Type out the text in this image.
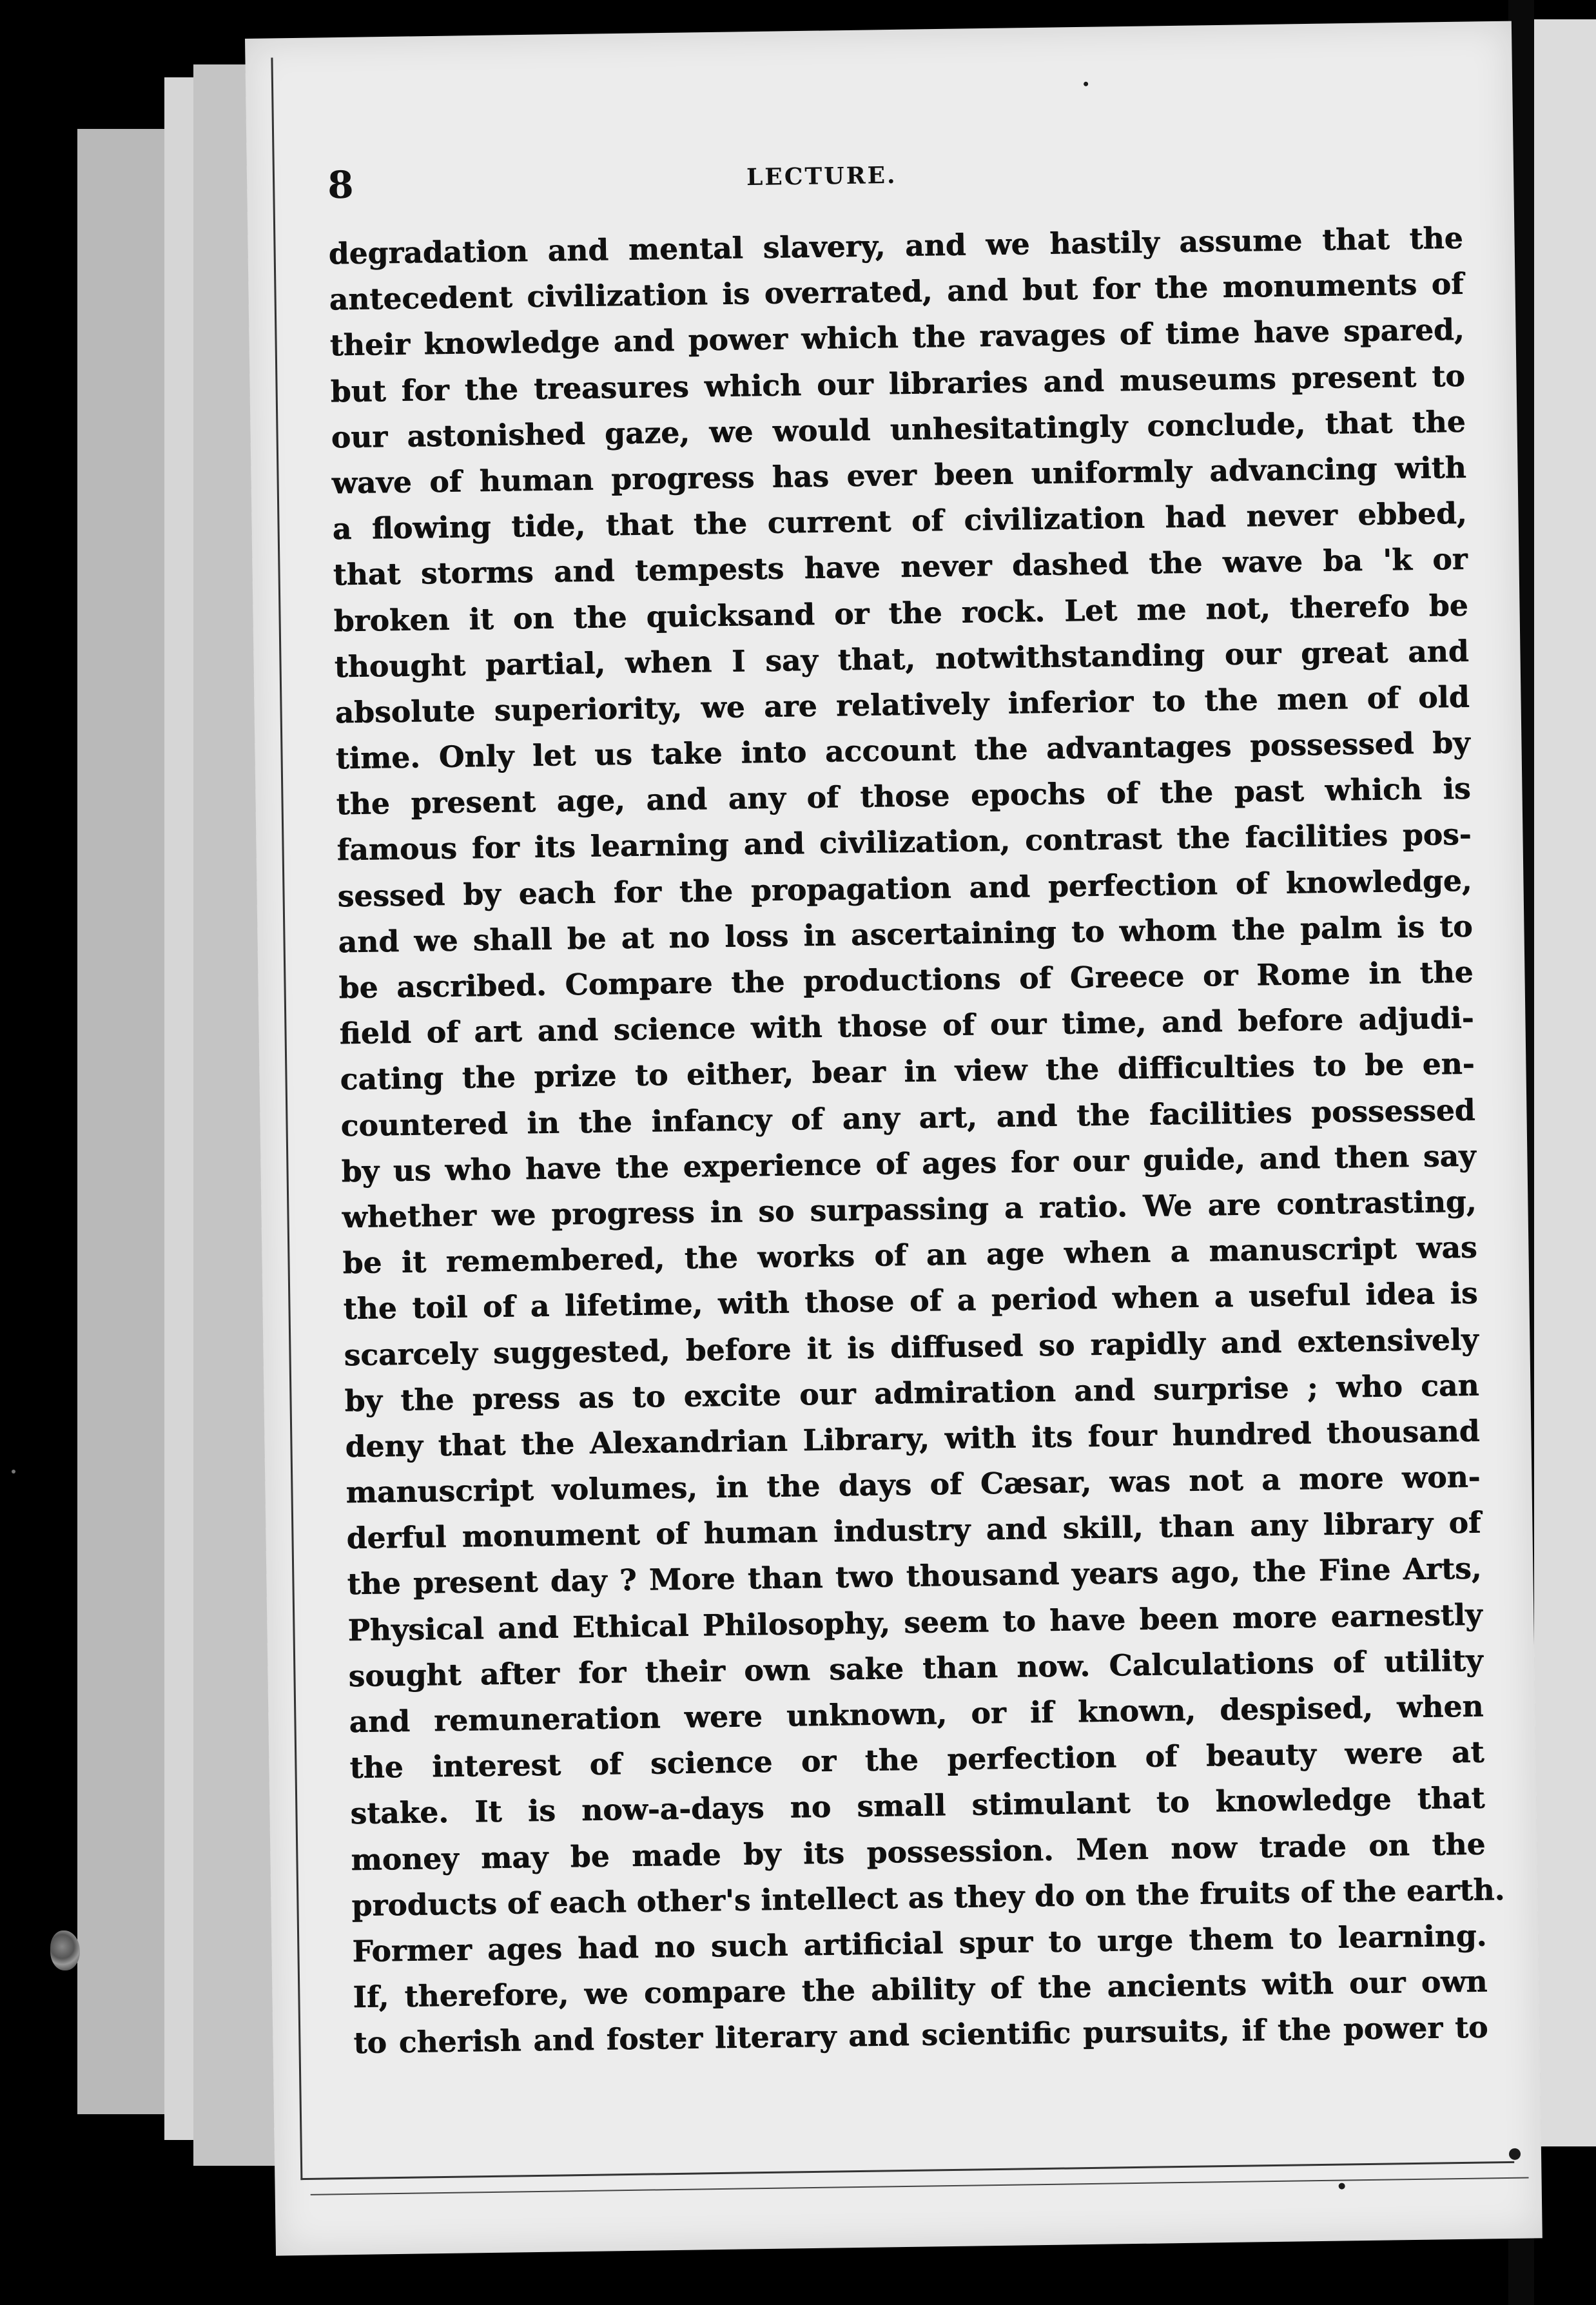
8	LECTURE.
degradation and mental slavery, and we hastily assume that the
antecedent civilization is overrated, and but for the monuments of
their knowledge and power which the ravages of time have spared,
but for the treasures which our libraries and museums present to
our astonished gaze, we would unhesitatingly conclude, that the
wave of human progress has ever been uniformly advancing with
a flowing tide, that the current of civilization had never ebbed,
that storms and tempests have never dashed the wave ba 'k or
broken it on the quicksand or the rock. Let me not, therefo be
thought partial, when I say that, notwithstanding our great and
absolute superiority, we are relatively inferior to the men of old
time. Only let us take into account the advantages possessed by
the present age, and any of those epochs of the past which is
famous for its learning and civilization, contrast the facilities pos-
sessed by each for the propagation and perfection of knowledge,
and we shall be at no loss in ascertaining to whom the palm is to
be ascribed. Compare the productions of Greece or Rome in the
field of art and science with those of our time, and before adjudi-
cating the prize to either, bear in view the difficulties to be en-
countered in the infancy of any art, and the facilities possessed
by us who have the experience of ages for our guide, and then say
whether we progress in so surpassing a ratio. We are contrasting,
be it remembered, the works of an age when a manuscript was
the toil of a lifetime, with those of a period when a useful idea is
scarcely suggested, before it is diffused so rapidly and extensively
by the press as to excite our admiration and surprise ; who can
deny that the Alexandrian Library, with its four hundred thousand
manuscript volumes, in the days of Cæsar, was not a more won-
derful monument of human industry and skill, than any library of
the present day ? More than two thousand years ago, the Fine Arts,
Physical and Ethical Philosophy, seem to have been more earnestly
sought after for their own sake than now. Calculations of utility
and remuneration were unknown, or if known, despised, when
the interest of science or the perfection of beauty were at
stake. It is now-a-days no small stimulant to knowledge that
money may be made by its possession. Men now trade on the
products of each other's intellect as they do on the fruits of the earth.
Former ages had no such artificial spur to urge them to learning.
If, therefore, we compare the ability of the ancients with our own
to cherish and foster literary and scientific pursuits, if the power to
